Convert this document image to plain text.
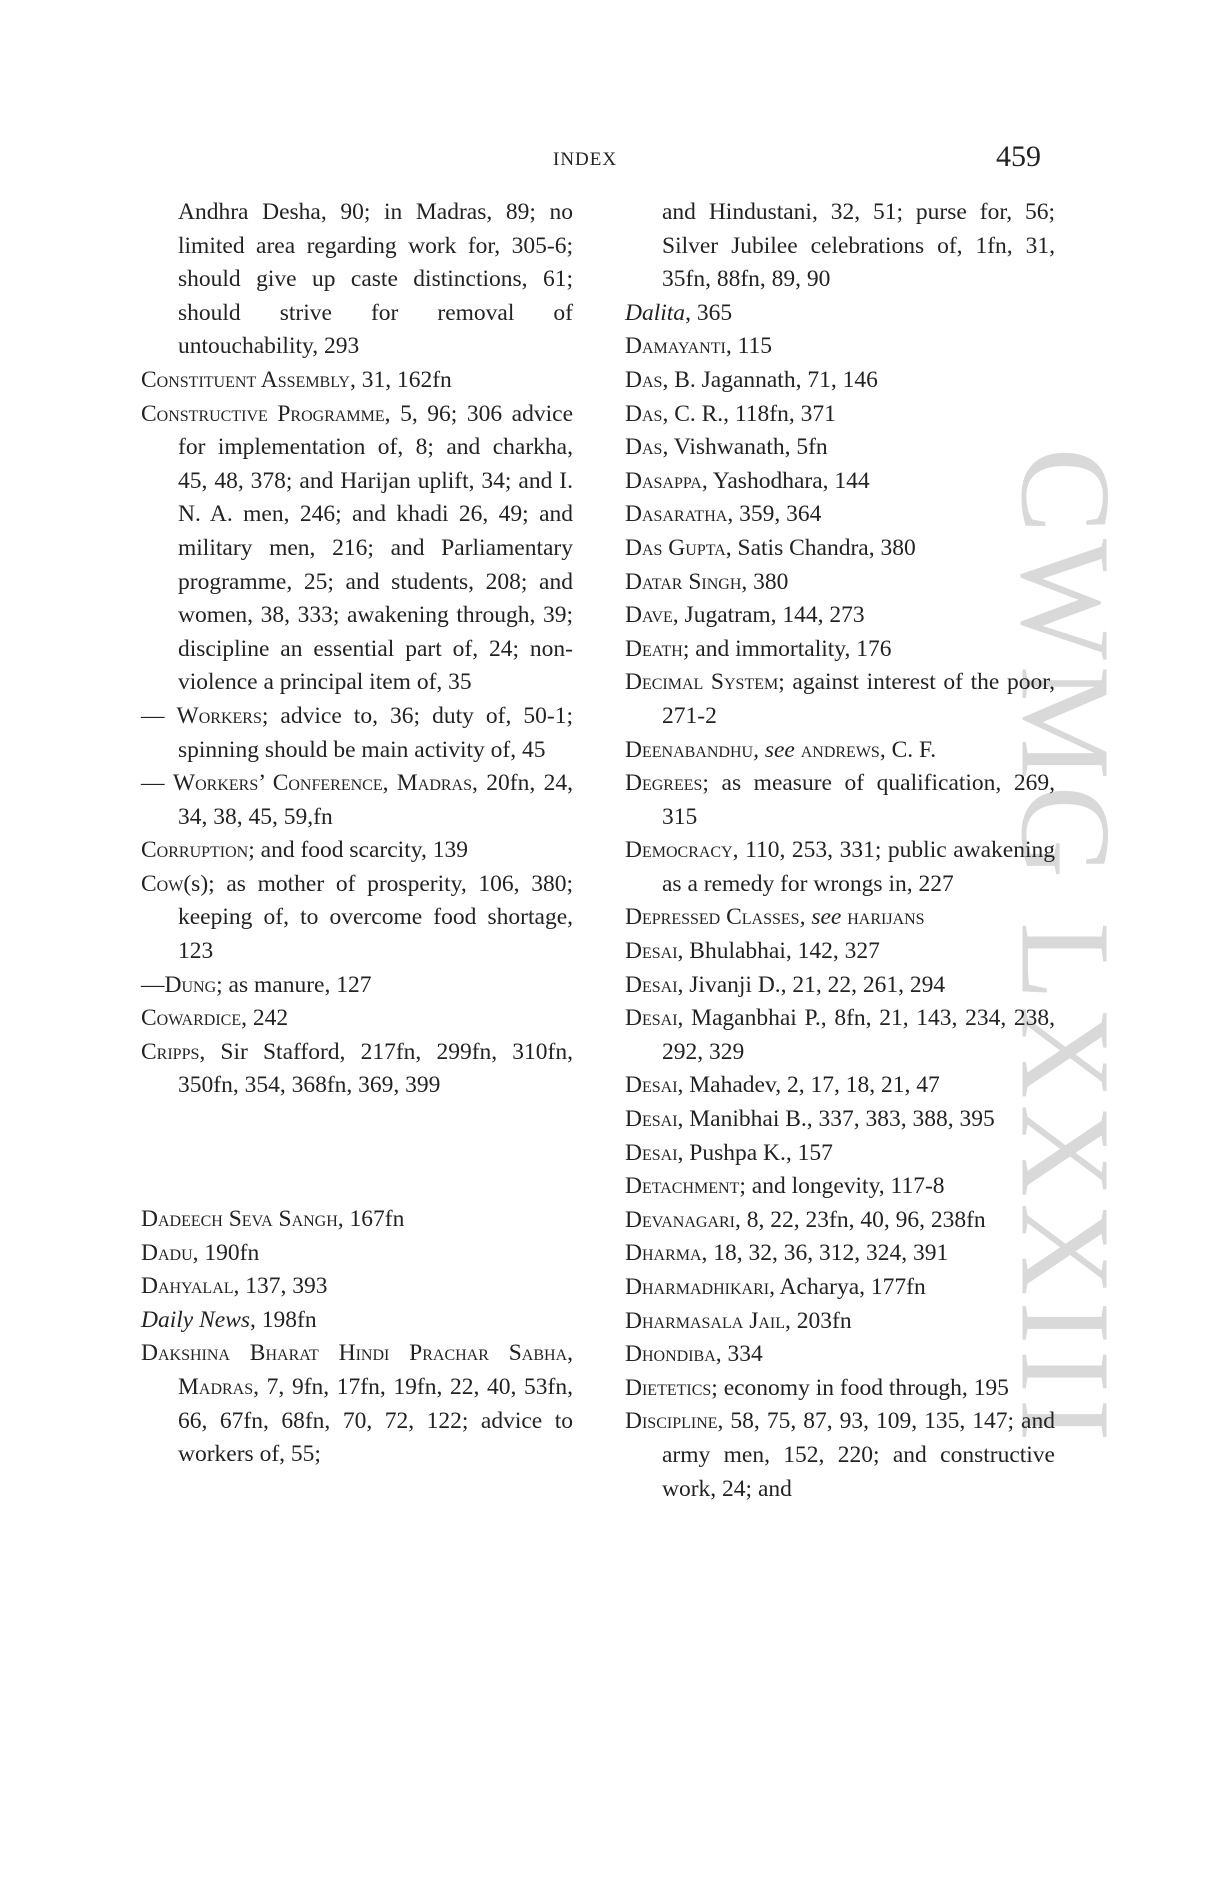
INDEX	459
CWMG LXXXIII
Andhra Desha, 90; in Madras, 89; no limited area regarding work for, 305-6; should give up caste distinctions, 61; should strive for removal of untouchability, 293
Constituent Assembly, 31, 162fn
Constructive Programme, 5, 96; 306 advice for implementation of, 8; and charkha, 45, 48, 378; and Harijan uplift, 34; and I. N. A. men, 246; and khadi 26, 49; and military men, 216; and Parliamentary programme, 25; and students, 208; and women, 38, 333; awakening through, 39; discipline an essential part of, 24; non-violence a principal item of, 35
— Workers; advice to, 36; duty of, 50-1; spinning should be main activity of, 45
— Workers’ Conference, Madras, 20fn, 24, 34, 38, 45, 59,fn
Corruption; and food scarcity, 139
Cow(s); as mother of prosperity, 106, 380; keeping of, to overcome food shortage, 123
—Dung; as manure, 127
Cowardice, 242
Cripps, Sir Stafford, 217fn, 299fn, 310fn, 350fn, 354, 368fn, 369, 399
Dadeech Seva Sangh, 167fn
Dadu, 190fn
Dahyalal, 137, 393
Daily News, 198fn
Dakshina Bharat Hindi Prachar Sabha, Madras, 7, 9fn, 17fn, 19fn, 22, 40, 53fn, 66, 67fn, 68fn, 70, 72, 122; advice to workers of, 55;
and Hindustani, 32, 51; purse for, 56; Silver Jubilee celebrations of, 1fn, 31, 35fn, 88fn, 89, 90
Dalita, 365
Damayanti, 115
Das, B. Jagannath, 71, 146
Das, C. R., 118fn, 371
Das, Vishwanath, 5fn
Dasappa, Yashodhara, 144
Dasaratha, 359, 364
Das Gupta, Satis Chandra, 380
Datar Singh, 380
Dave, Jugatram, 144, 273
Death; and immortality, 176
Decimal System; against interest of the poor, 271-2
Deenabandhu, see andrews, C. F.
Degrees; as measure of qualification, 269, 315
Democracy, 110, 253, 331; public awakening as a remedy for wrongs in, 227
Depressed Classes, see harijans
Desai, Bhulabhai, 142, 327
Desai, Jivanji D., 21, 22, 261, 294
Desai, Maganbhai P., 8fn, 21, 143, 234, 238, 292, 329
Desai, Mahadev, 2, 17, 18, 21, 47
Desai, Manibhai B., 337, 383, 388, 395
Desai, Pushpa K., 157
Detachment; and longevity, 117-8
Devanagari, 8, 22, 23fn, 40, 96, 238fn
Dharma, 18, 32, 36, 312, 324, 391
Dharmadhikari, Acharya, 177fn
Dharmasala Jail, 203fn
Dhondiba, 334
Dietetics; economy in food through, 195
Discipline, 58, 75, 87, 93, 109, 135, 147; and army men, 152, 220; and constructive work, 24; and
